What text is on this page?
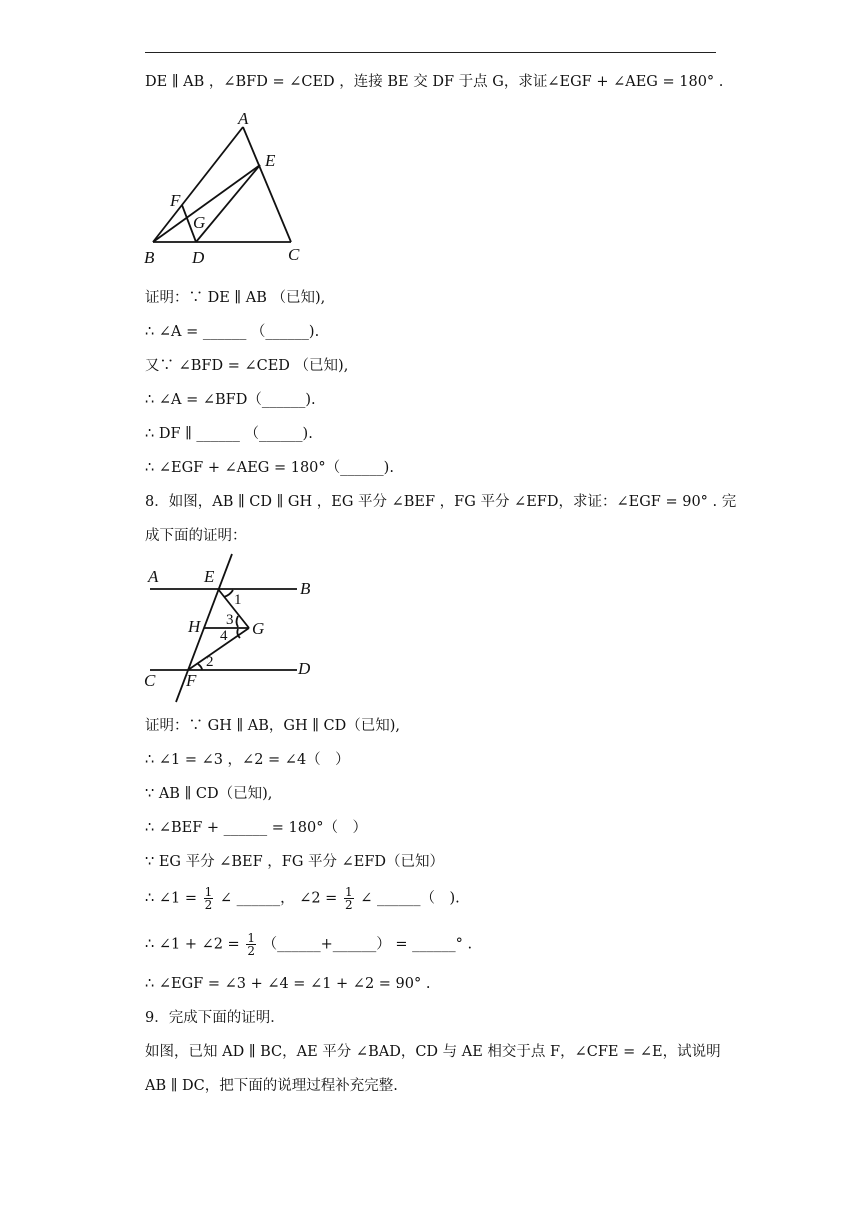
DE ∥ AB ，∠BFD = ∠CED ，连接 BE 交 DF 于点 G，求证∠EGF + ∠AEG = 180° .
A
E
F
G
B D	C
证明：∵ DE ∥ AB （已知),
∴ ∠A = ______ （______).
又∵ ∠BFD = ∠CED （已知),
∴ ∠A = ∠BFD（______).
∴ DF ∥ ______ （______).
∴ ∠EGF + ∠AEG = 180°（______).
8．如图，AB ∥ CD ∥ GH ，EG 平分 ∠BEF ，FG 平分 ∠EFD，求证：∠EGF = 90° . 完
成下面的证明：
A	E
B
1
3
4
H	G
2
C F
D
证明：∵ GH ∥ AB，GH ∥ CD（已知),
∴ ∠1 = ∠3 ，∠2 = ∠4（　）
∵ AB ∥ CD（已知),
∴ ∠BEF + ______ = 180°（　）
∵ EG 平分 ∠BEF ，FG 平分 ∠EFD（已知）
∴ ∠1 = $\frac{1}{2}$ ∠ ______， ∠2 = $\frac{1}{2}$ ∠ ______（　).
∴ ∠1 + ∠2 = $\frac{1}{2}$ （______+______） = ______° .
∴ ∠EGF = ∠3 + ∠4 = ∠1 + ∠2 = 90° .
9．完成下面的证明．
如图，已知 AD ∥ BC，AE 平分 ∠BAD，CD 与 AE 相交于点 F，∠CFE = ∠E，试说明
AB ∥ DC，把下面的说理过程补充完整.
